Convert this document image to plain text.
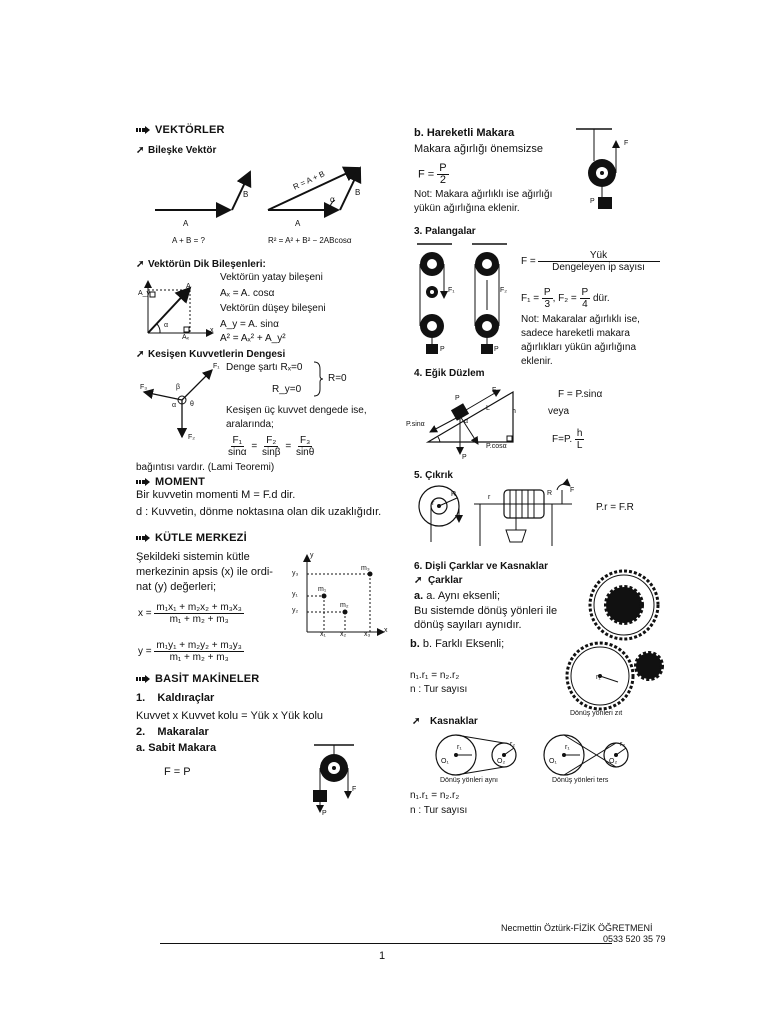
VEKTÖRLER
➚ Bileşke Vektör
A
B
A
B
R = A + B
α
A + B = ?	R² = A² + B² − 2ABcosα
➚ Vektörün Dik Bileşenleri:
Vektörün yatay bileşeni
Aₓ = A. cosα
Vektörün düşey bileşeni
A_y = A. sinα
A² = Aₓ² + A_y²
A_y
Aₓ
A
α
x
➚ Kesişen Kuvvetlerin Dengesi
F₁
F₃
F₂
β
α θ
Denge şartı Rₓ=0
R_y=0
R=0
Kesişen üç kuvvet dengede ise,
aralarında;
$\frac{\text{F₁}}{\sin\alpha} = \frac{\text{F₂}}{\sin\beta} = \frac{\text{F₃}}{\sin\theta}$
bağıntısı vardır. (Lami Teoremi)
MOMENT
Bir kuvvetin momenti M = F.d dir.
d : Kuvvetin, dönme noktasına olan dik uzaklığıdır.
KÜTLE MERKEZİ
Şekildeki sistemin kütle
merkezinin apsis (x) ile ordi-
nat (y) değerleri;
$x = \frac{\text{m₁x₁ + m₂x₂ + m₃x₃}}{\text{m₁ + m₂ + m₃}}$
$y = \frac{\text{m₁y₁ + m₂y₂ + m₃y₃}}{\text{m₁ + m₂ + m₃}}$
y
x
y₃
y₁
y₂
x₁ x₂	x₃
m₃
m₁
m₂
BASİT MAKİNELER
1. Kaldıraçlar
Kuvvet x Kuvvet kolu = Yük x Yük kolu
2. Makaralar
a. Sabit Makara
F = P
F
P
b. Hareketli Makara
Makara ağırlığı önemsizse
$F = \frac{P}{2}$
Not: Makara ağırlıklı ise ağırlığı
yükün ağırlığına eklenir.
F
P
3. Palangalar
F₁	F₂
P	P
$F = \frac{\text{Yük}}{\text{Dengeleyen ip sayısı}}$
$F_1 = \frac{P}{3}$ , $F_2 = \frac{P}{4}$ dür.
Not: Makaralar ağırlıklı ise,
sadece hareketli makara
ağırlıkları yükün ağırlığına
eklenir.
4. Eğik Düzlem
P
F
L	h
P.sinα
P.cosα
α
P
F = P.sinα
veya
F=P. $\frac{h}{L}$
5. Çıkrık
r
R	r
R	F
P.r = F.R
6. Dişli Çarklar ve Kasnaklar
➚ Çarklar
a. a. Aynı eksenli;
Bu sistemde dönüş yönleri ile
dönüş sayıları aynıdır.
b. b. Farklı Eksenli;
n₁.r₁ = n₂.r₂
n : Tur sayısı
r₁
Dönüş yönleri zıt
➚ Kasnaklar
O₁	O₂
r₁	r₂
O₁	O₂
r₁	r₂
Dönüş yönleri aynı	Dönüş yönleri ters
n₁.r₁ = n₂.r₂
n : Tur sayısı
Necmettin Öztürk-FİZİK ÖĞRETMENİ
0533 520 35 79
1
